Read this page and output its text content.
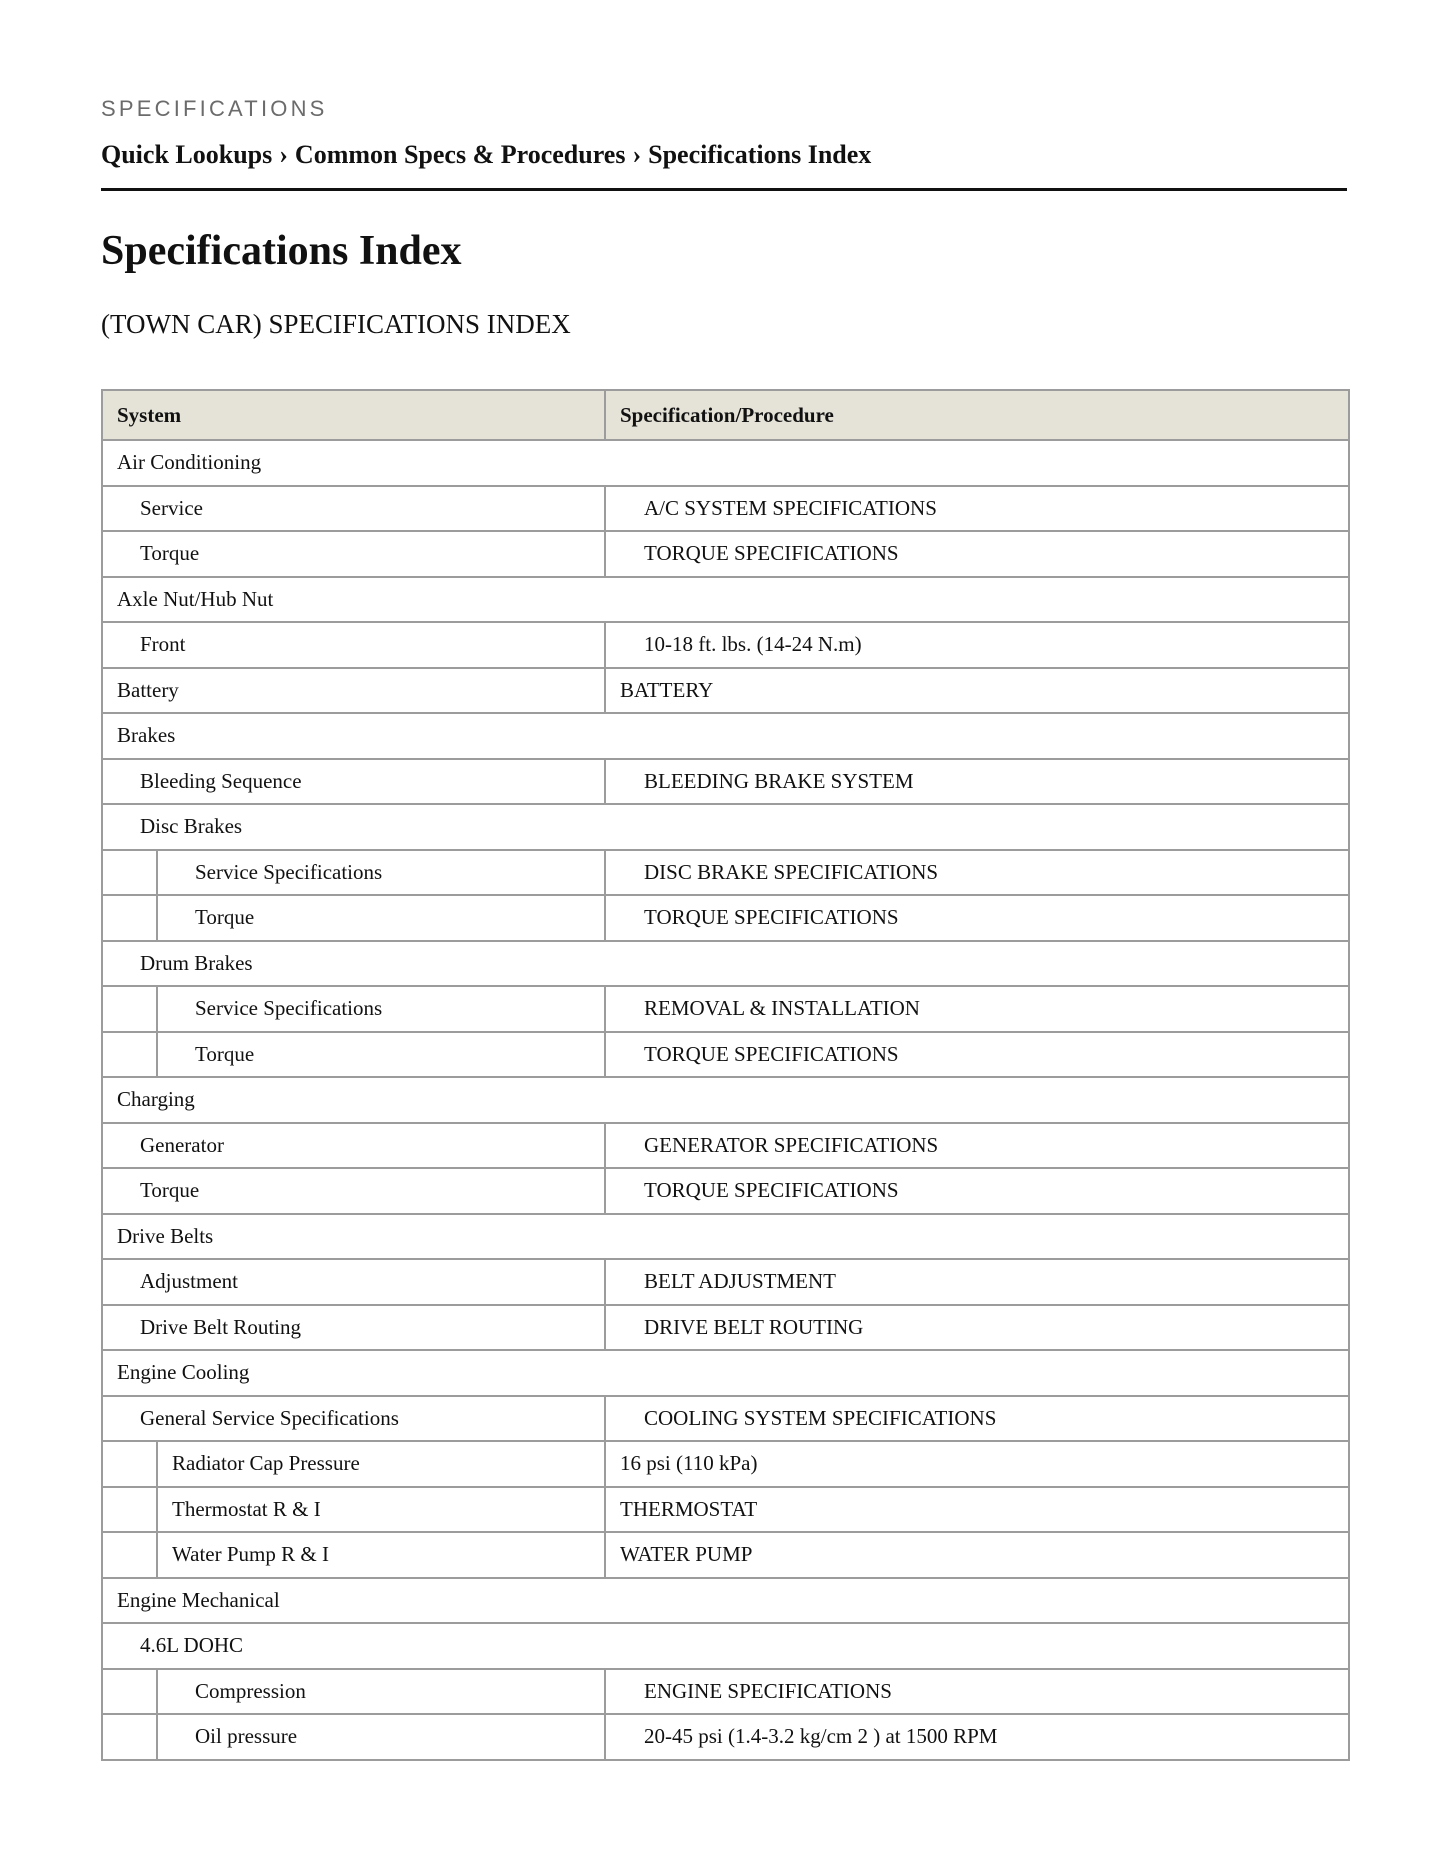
SPECIFICATIONS
Quick Lookups › Common Specs & Procedures › Specifications Index
Specifications Index
(TOWN CAR) SPECIFICATIONS INDEX
System	Specification/Procedure
Air Conditioning	
Service	A/C SYSTEM SPECIFICATIONS
Torque	TORQUE SPECIFICATIONS
Axle Nut/Hub Nut	
Front	10-18 ft. lbs. (14-24 N.m)
Battery	BATTERY
Brakes	
Bleeding Sequence	BLEEDING BRAKE SYSTEM
Disc Brakes	

Service Specifications	DISC BRAKE SPECIFICATIONS

Torque	TORQUE SPECIFICATIONS
Drum Brakes	

Service Specifications	REMOVAL & INSTALLATION

Torque	TORQUE SPECIFICATIONS
Charging	
Generator	GENERATOR SPECIFICATIONS
Torque	TORQUE SPECIFICATIONS
Drive Belts	
Adjustment	BELT ADJUSTMENT
Drive Belt Routing	DRIVE BELT ROUTING
Engine Cooling	
General Service Specifications	COOLING SYSTEM SPECIFICATIONS

Radiator Cap Pressure	16 psi (110 kPa)

Thermostat R & I	THERMOSTAT

Water Pump R & I	WATER PUMP
Engine Mechanical	
4.6L DOHC	

Compression	ENGINE SPECIFICATIONS

Oil pressure	20-45 psi (1.4-3.2 kg/cm 2 ) at 1500 RPM
